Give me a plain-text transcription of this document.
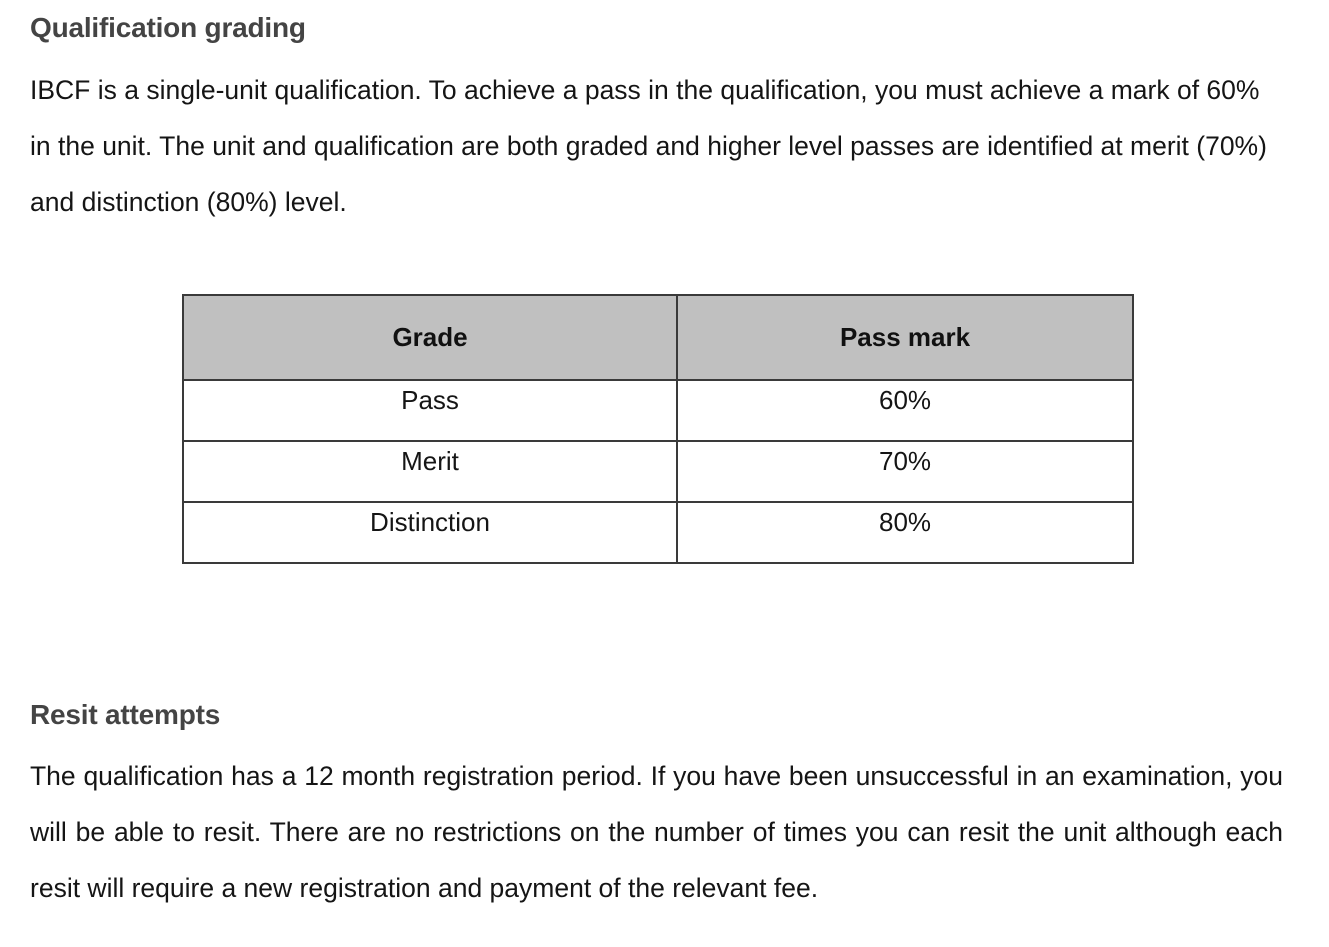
Qualification grading

IBCF is a single-unit qualification. To achieve a pass in the qualification, you must achieve a mark of 60% in the unit. The unit and qualification are both graded and higher level passes are identified at merit (70%) and distinction (80%) level.

Grade	Pass mark
Pass	60%
Merit	70%
Distinction	80%
Resit attempts

The qualification has a 12 month registration period. If you have been unsuccessful in an examination, you will be able to resit. There are no restrictions on the number of times you can resit the unit although each resit will require a new registration and payment of the relevant fee.
